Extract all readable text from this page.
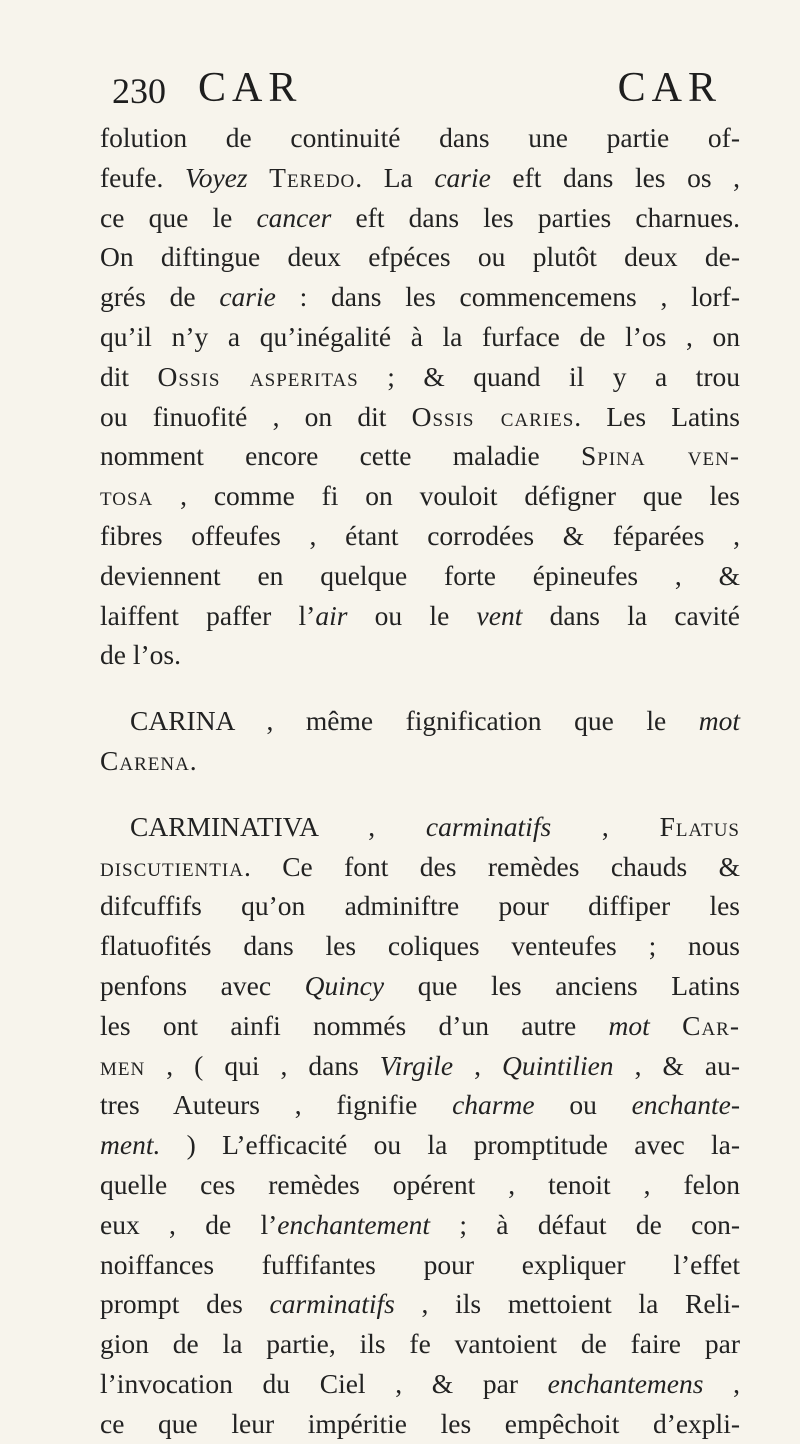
230 CAR	CAR
folution de continuité dans une partie of-
feufe. Voyez Teredo. La carie eft dans les os ,
ce que le cancer eft dans les parties charnues.
On diftingue deux efpéces ou plutôt deux de-
grés de carie : dans les commencemens , lorf-
qu’il n’y a qu’inégalité à la furface de l’os , on
dit Ossis asperitas ; & quand il y a trou
ou finuofité , on dit Ossis caries. Les Latins
nomment encore cette maladie Spina ven-
tosa , comme fi on vouloit défigner que les
fibres offeufes , étant corrodées & féparées ,
deviennent en quelque forte épineufes , &
laiffent paffer l’air ou le vent dans la cavité
de l’os.
CARINA , même fignification que le mot
Carena.
CARMINATIVA , carminatifs , Flatus
discutientia. Ce font des remèdes chauds &
difcuffifs qu’on adminiftre pour diffiper les
flatuofités dans les coliques venteufes ; nous
penfons avec Quincy que les anciens Latins
les ont ainfi nommés d’un autre mot Car-
men , ( qui , dans Virgile , Quintilien , & au-
tres Auteurs , fignifie charme ou enchante-
ment. ) L’efficacité ou la promptitude avec la-
quelle ces remèdes opérent , tenoit , felon
eux , de l’enchantement ; à défaut de con-
noiffances fuffifantes pour expliquer l’effet
prompt des carminatifs , ils mettoient la Reli-
gion de la partie, ils fe vantoient de faire par
l’invocation du Ciel , & par enchantemens ,
ce que leur impéritie les empêchoit d’expli-
